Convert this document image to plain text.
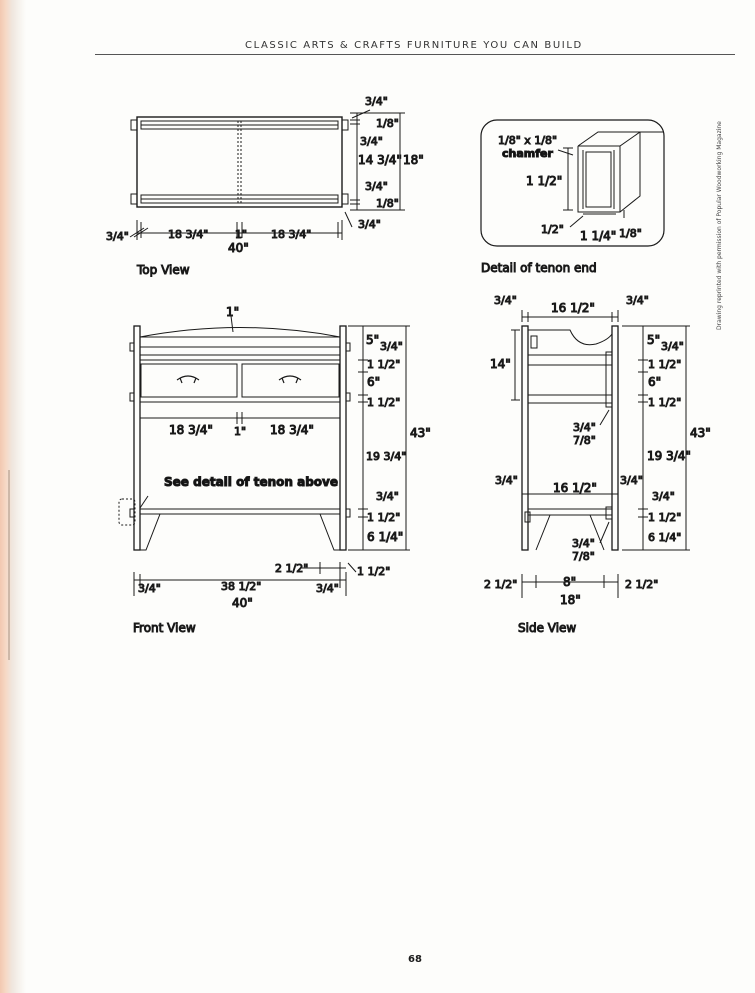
CLASSIC ARTS & CRAFTS FURNITURE YOU CAN BUILD
Drawing reprinted with permission of Popular Woodworking Magazine
3/4"
1/8"
3/4"
14 3/4" 18"
3/4"
1/8"
3/4"
3/4"	18 3/4" 1" 18 3/4"
40"
Top View
1/8" x 1/8"
chamfer
1 1/2"
1/2" 1 1/4" 1/8"
Detail of tenon end
1"
5" 3/4"
1 1/2"
6"
1 1/2"
19 3/4"
3/4"
1 1/2"
6 1/4"
43"
18 3/4" 1" 18 3/4"
See detail of tenon above
2 1/2"	1 1/2"
3/4"	38 1/2"	3/4"
40"
Front View
3/4"
16 1/2"
3/4"
14"
3/4"
7/8"
3/4"
16 1/2"
3/4"
3/4"
7/8"
5" 3/4"
1 1/2"
6"
1 1/2"
19 3/4"
3/4"
1 1/2"
6 1/4"
43"
2 1/2"	8"	2 1/2"
18"
Side View
68
